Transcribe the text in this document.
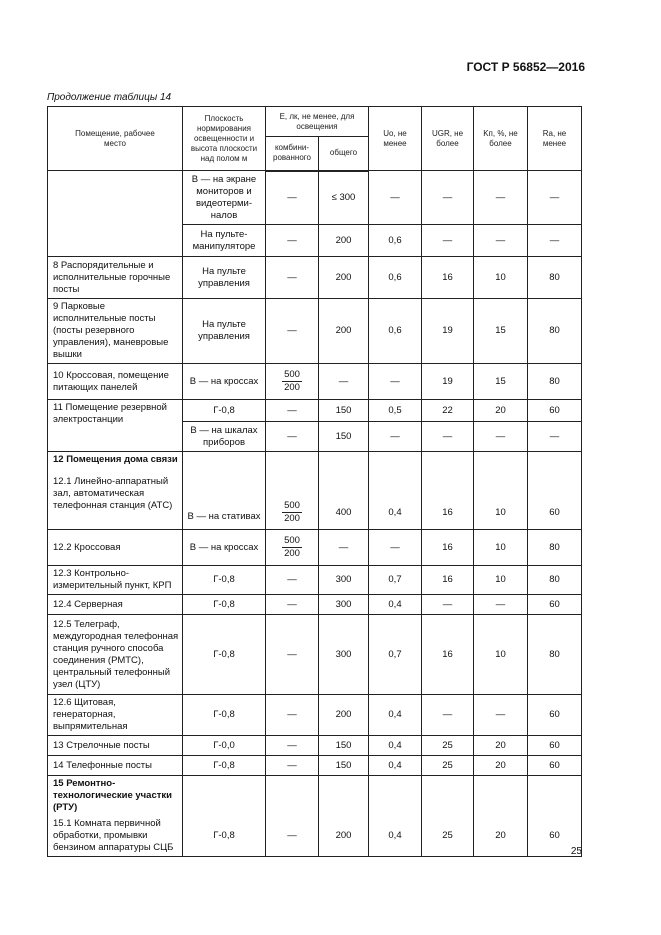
ГОСТ Р 56852—2016
Продолжение таблицы 14
Помещение, рабочее место	Плоскость нормирования освещенности и высота плоскости над полом м	E, лк, не менее, для освещения		Uo, не менее	UGR, не более	Kп, %, не более	Ra, не менее
		комбинированного	общего				
	В — на экране мониторов и видеотерминалов	—	≤ 300	—	—	—	—
	На пульте-манипуляторе	—	200	0,6	—	—	—
8 Распорядительные и исполнительные горочные посты	На пульте управления	—	200	0,6	16	10	80
9 Парковые исполнительные посты (посты резервного управления), маневровые вышки	На пульте управления	—	200	0,6	19	15	80
10 Кроссовая, помещение питающих панелей	В — на кроссах	$\frac{500}{200}$	—	—	19	15	80
11 Помещение резервной электростанции	Г-0,8	—	150	0,5	22	20	60
	В — на шкалах приборов	—	150	—	—	—	—

12 Помещения дома связи
12.1 Линейно-аппаратный зал, автоматическая телефонная станция (АТС)	В — на стативах	$\frac{500}{200}$	400	0,4	16	10	60
12.2 Кроссовая	В — на кроссах	$\frac{500}{200}$	—	—	16	10	80
12.3 Контрольно-измерительный пункт, КРП	Г-0,8	—	300	0,7	16	10	80
12.4 Серверная	Г-0,8	—	300	0,4	—	—	60
12.5 Телеграф, междугородная телефонная станция ручного способа соединения (РМТС), центральный телефонный узел (ЦТУ)	Г-0,8	—	300	0,7	16	10	80
12.6 Щитовая, генераторная, выпрямительная	Г-0,8	—	200	0,4	—	—	60
13 Стрелочные посты	Г-0,0	—	150	0,4	25	20	60
14 Телефонные посты	Г-0,8	—	150	0,4	25	20	60

15 Ремонтно-технологические участки (РТУ)
15.1 Комната первичной обработки, промывки бензином аппаратуры СЦБ	Г-0,8	—	200	0,4	25	20	60
25
